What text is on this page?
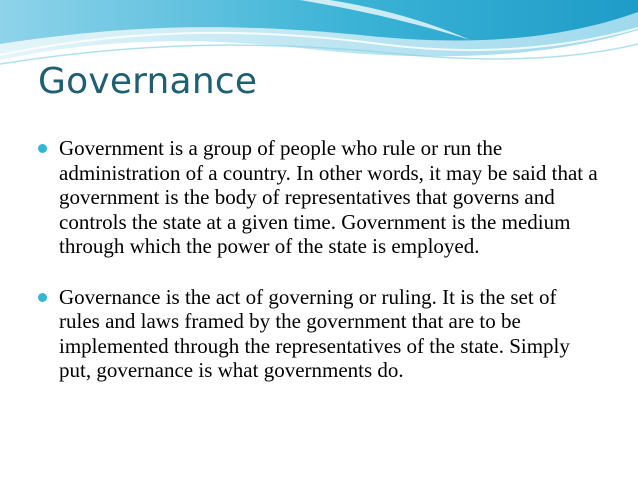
Governance
Government is a group of people who rule or run the administration of a country. In other words, it may be said that a government is the body of representatives that governs and controls the state at a given time. Government is the medium through which the power of the state is employed.
Governance is the act of governing or ruling. It is the set of rules and laws framed by the government that are to be implemented through the representatives of the state. Simply put, governance is what governments do.
